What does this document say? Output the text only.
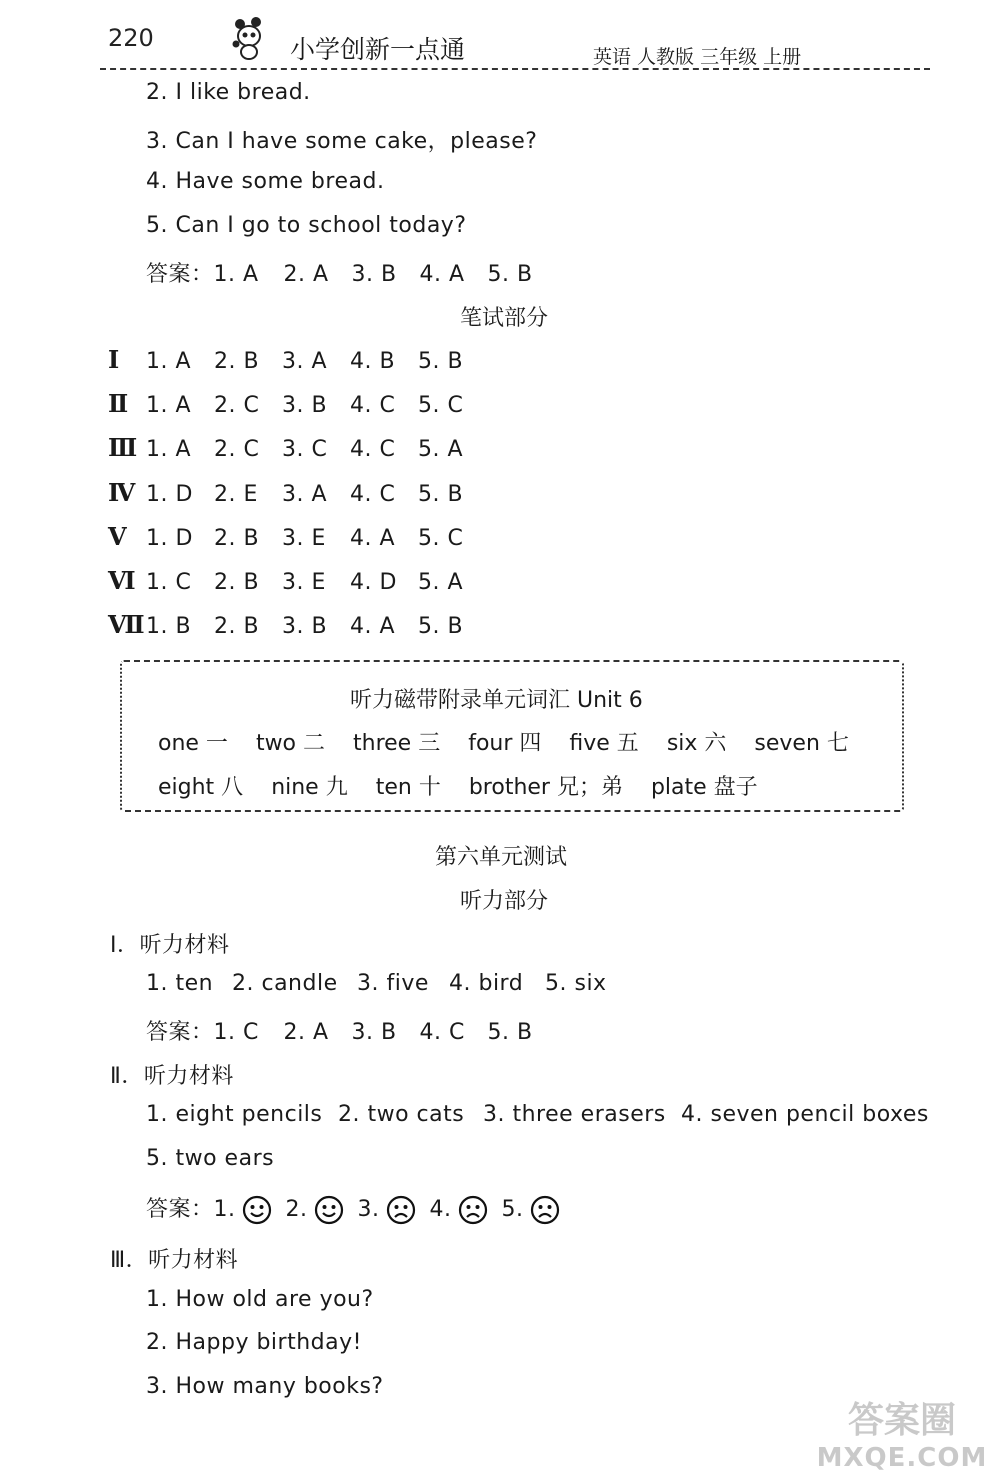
220	小学创新一点通	英语 人教版 三年级 上册
2. I like bread.
3. Can I have some cake，please?
4. Have some bread.
5. Can I go to school today?
答案：1. A 2. A 3. B 4. A 5. B
笔试部分
Ⅰ 1. A 2. B 3. A 4. B 5. B
Ⅱ 1. A 2. C 3. B 4. C 5. C
Ⅲ 1. A 2. C 3. C 4. C 5. A
Ⅳ 1. D 2. E 3. A 4. C 5. B
Ⅴ 1. D 2. B 3. E 4. A 5. C
Ⅵ 1. C 2. B 3. E 4. D 5. A
Ⅶ1. B 2. B 3. B 4. A 5. B
听力磁带附录单元词汇 Unit 6
one 一 two 二 three 三 four 四 five 五 six 六 seven 七
eight 八 nine 九 ten 十 brother 兄；弟 plate 盘子
第六单元测试
听力部分
Ⅰ．听力材料
1. ten 2. candle 3. five 4. bird 5. six
答案：1. C 2. A 3. B 4. C 5. B
Ⅱ．听力材料
1. eight pencils 2. two cats 3. three erasers 4. seven pencil boxes
5. two ears
答案：1. 2. 3. 4. 5.
Ⅲ．听力材料
1. How old are you?
2. Happy birthday!
3. How many books?
答案圈
MXQE.COM
